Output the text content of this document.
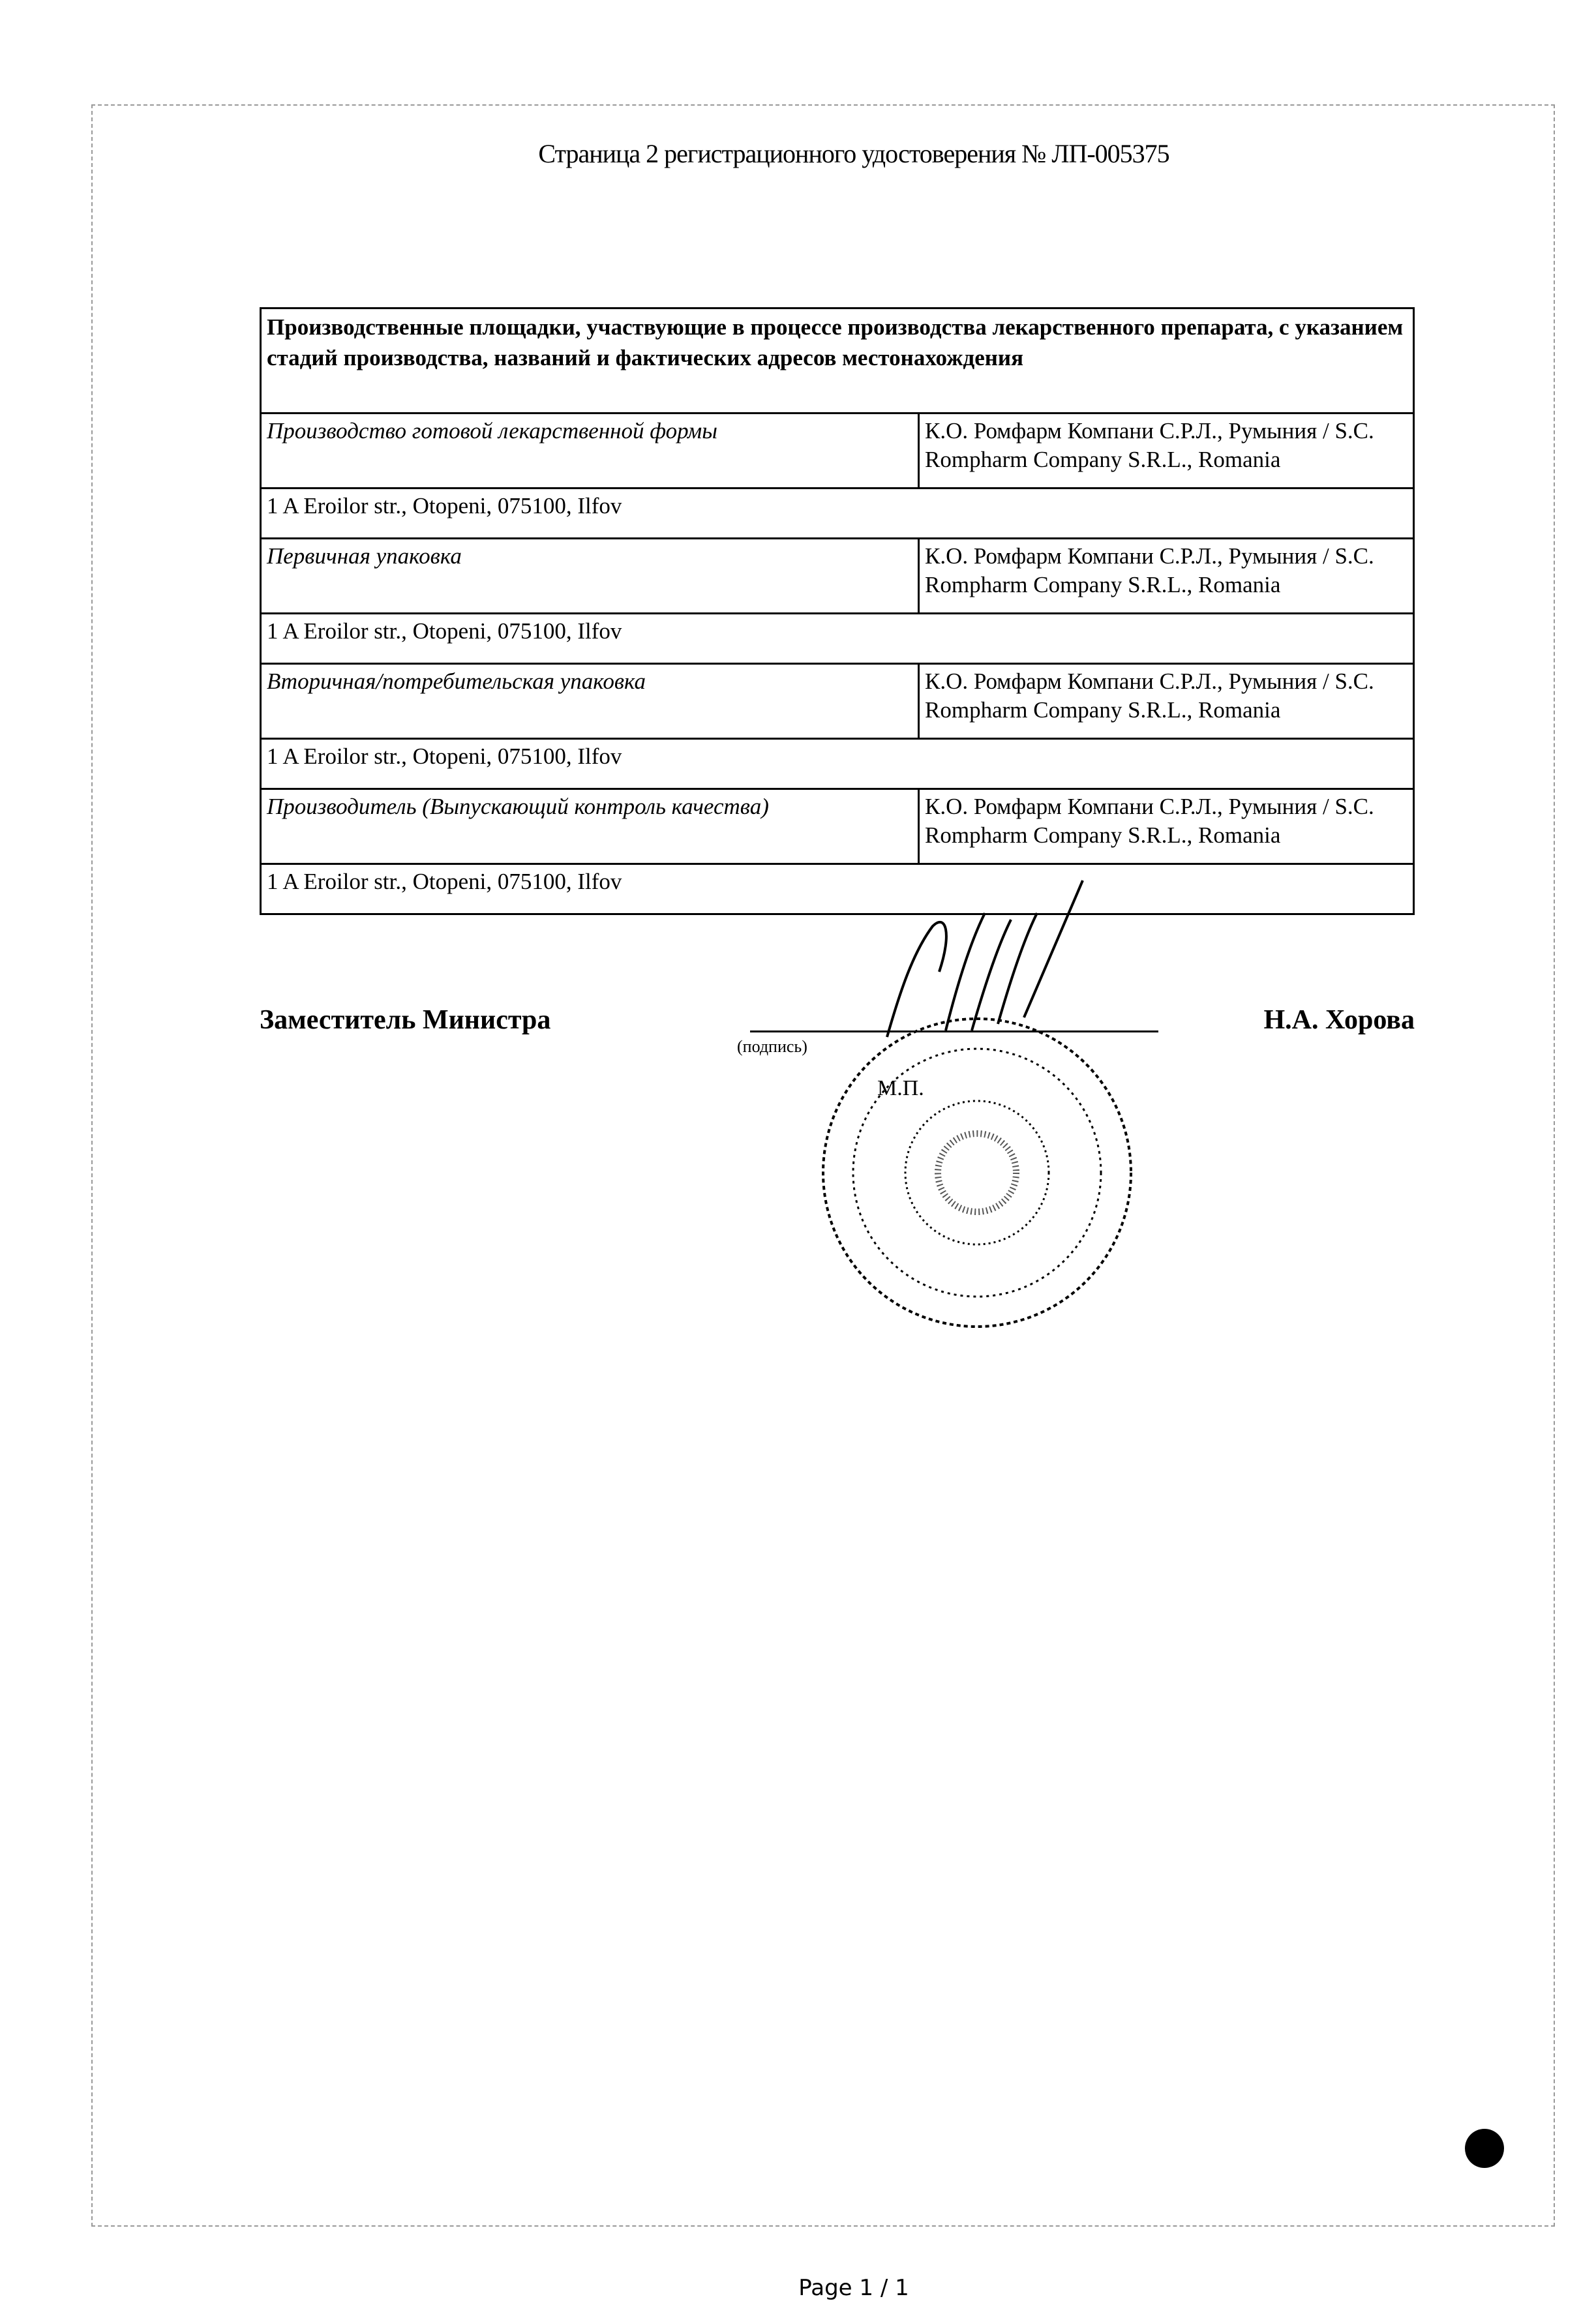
Страница 2 регистрационного удостоверения № ЛП-005375
Производственные площадки, участвующие в процессе производства лекарственного препарата, с указанием стадий производства, названий и фактических адресов местонахождения	
Производство готовой лекарственной формы	К.О. Ромфарм Компани С.Р.Л., Румыния / S.C. Rompharm Company S.R.L., Romania
1 A Eroilor str., Otopeni, 075100, Ilfov	
Первичная упаковка	К.О. Ромфарм Компани С.Р.Л., Румыния / S.C. Rompharm Company S.R.L., Romania
1 A Eroilor str., Otopeni, 075100, Ilfov	
Вторичная/потребительская упаковка	К.О. Ромфарм Компани С.Р.Л., Румыния / S.C. Rompharm Company S.R.L., Romania
1 A Eroilor str., Otopeni, 075100, Ilfov	
Производитель (Выпускающий контроль качества)	К.О. Ромфарм Компани С.Р.Л., Румыния / S.C. Rompharm Company S.R.L., Romania
1 A Eroilor str., Otopeni, 075100, Ilfov	
Заместитель Министра
(подпись)
М.П.
Н.А. Хорова
Page 1 / 1
